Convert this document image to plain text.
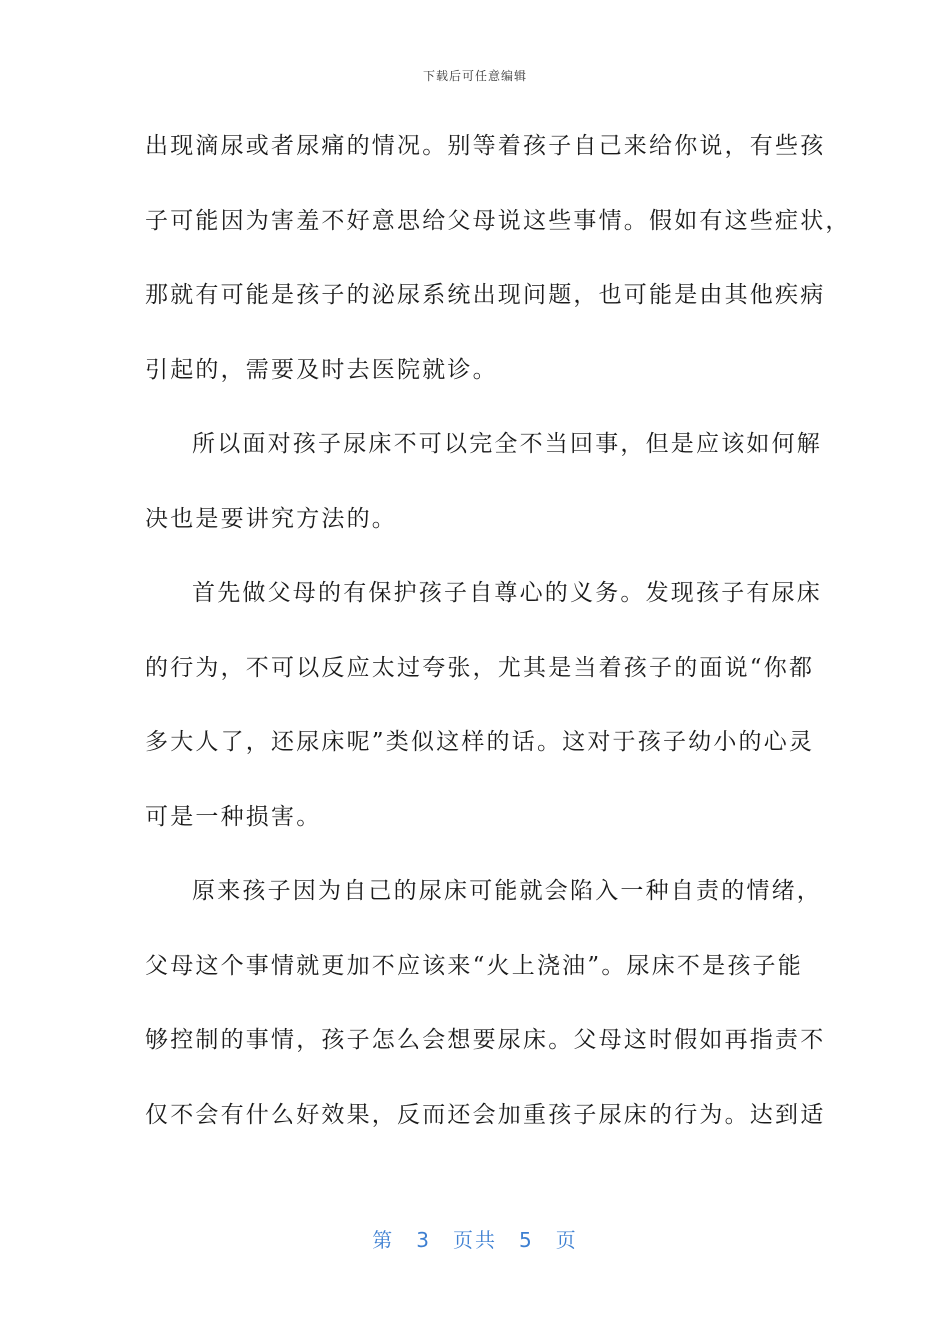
下载后可任意编辑
出现滴尿或者尿痛的情况。别等着孩子自己来给你说，有些孩
子可能因为害羞不好意思给父母说这些事情。假如有这些症状，
那就有可能是孩子的泌尿系统出现问题，也可能是由其他疾病
引起的，需要及时去医院就诊。
所以面对孩子尿床不可以完全不当回事，但是应该如何解
决也是要讲究方法的。
首先做父母的有保护孩子自尊心的义务。发现孩子有尿床
的行为，不可以反应太过夸张，尤其是当着孩子的面说“你都
多大人了，还尿床呢”类似这样的话。这对于孩子幼小的心灵
可是一种损害。
原来孩子因为自己的尿床可能就会陷入一种自责的情绪，
父母这个事情就更加不应该来“火上浇油”。尿床不是孩子能
够控制的事情，孩子怎么会想要尿床。父母这时假如再指责不
仅不会有什么好效果，反而还会加重孩子尿床的行为。达到适
第 3 页共 5 页
